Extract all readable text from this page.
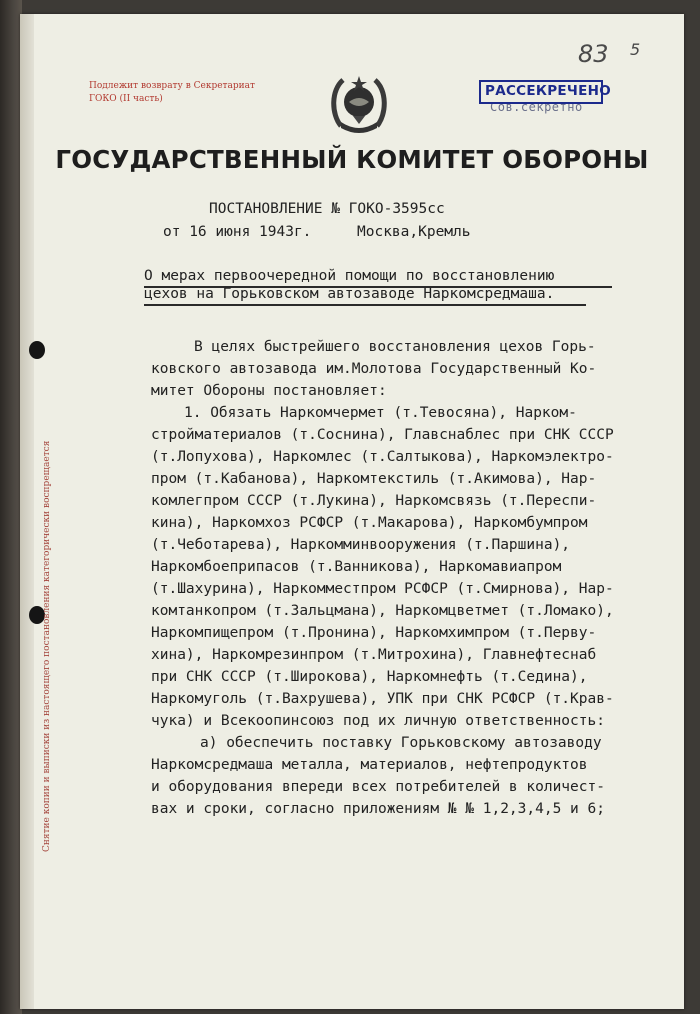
Снятие копии и выписки из настоящего постановления категорически воспрещается
Подлежит возврату в Секретариат ГОКО (II часть)
Сов.секретно
РАССЕКРЕЧЕНО
83 5
ГОСУДАРСТВЕННЫЙ КОМИТЕТ ОБОРОНЫ
ПОСТАНОВЛЕНИЕ № ГОКО-3595сс
от 16 июня 1943г.	Москва,Кремль
О мерах первоочередной помощи по восстановлению
цехов на Горьковском автозаводе Наркомсредмаша.
В целях быстрейшего восстановления цехов Горь-
ковского автозавода им.Молотова Государственный Ко-
митет Обороны постановляет:
1. Обязать Наркомчермет (т.Тевосяна), Нарком-
стройматериалов (т.Соснина), Главснаблес при СНК СССР
(т.Лопухова), Наркомлес (т.Салтыкова), Наркомэлектро-
пром (т.Кабанова), Наркомтекстиль (т.Акимова), Нар-
комлегпром СССР (т.Лукина), Наркомсвязь (т.Переспи-
кина), Наркомхоз РСФСР (т.Макарова), Наркомбумпром
(т.Чеботарева), Наркомминвооружения (т.Паршина),
Наркомбоеприпасов (т.Ванникова), Наркомавиапром
(т.Шахурина), Наркомместпром РСФСР (т.Смирнова), Нар-
комтанкопром (т.Зальцмана), Наркомцветмет (т.Ломако),
Наркомпищепром (т.Пронина), Наркомхимпром (т.Перву-
хина), Наркомрезинпром (т.Митрохина), Главнефтеснаб
при СНК СССР (т.Широкова), Наркомнефть (т.Седина),
Наркомуголь (т.Вахрушева), УПК при СНК РСФСР (т.Крав-
чука) и Всекоопинсоюз под их личную ответственность:
а) обеспечить поставку Горьковскому автозаводу
Наркомсредмаша металла, материалов, нефтепродуктов
и оборудования впереди всех потребителей в количест-
вах и сроки, согласно приложениям № № 1,2,3,4,5 и 6;
